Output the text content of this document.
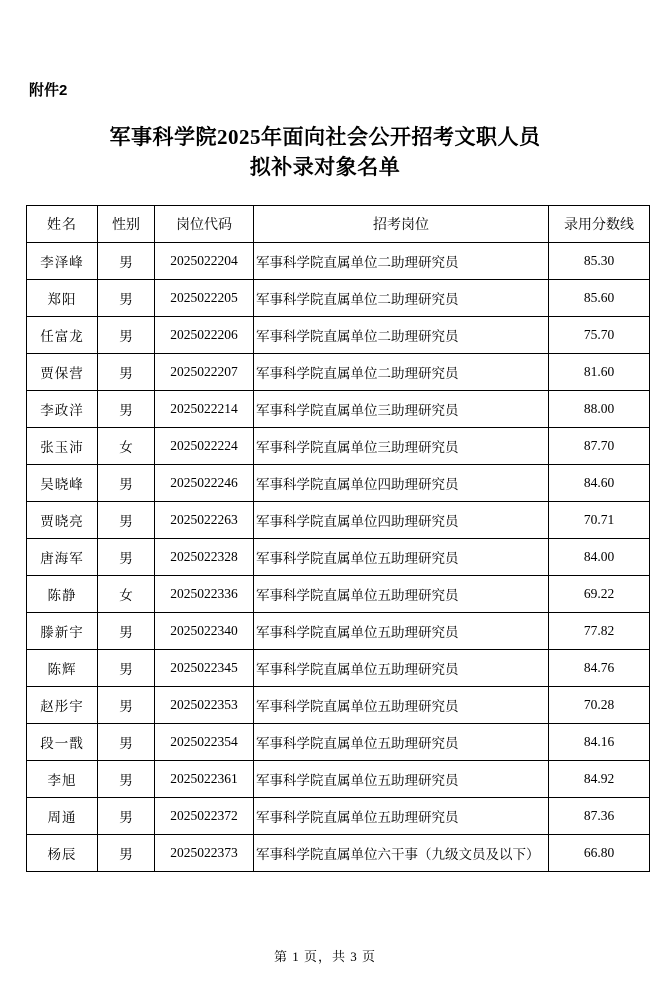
附件2
军事科学院2025年面向社会公开招考文职人员
拟补录对象名单
姓名	性别	岗位代码	招考岗位	录用分数线
李泽峰	男	2025022204	军事科学院直属单位二助理研究员	85.30
郑阳	男	2025022205	军事科学院直属单位二助理研究员	85.60
任富龙	男	2025022206	军事科学院直属单位二助理研究员	75.70
贾保营	男	2025022207	军事科学院直属单位二助理研究员	81.60
李政洋	男	2025022214	军事科学院直属单位三助理研究员	88.00
张玉沛	女	2025022224	军事科学院直属单位三助理研究员	87.70
吴晓峰	男	2025022246	军事科学院直属单位四助理研究员	84.60
贾晓亮	男	2025022263	军事科学院直属单位四助理研究员	70.71
唐海军	男	2025022328	军事科学院直属单位五助理研究员	84.00
陈静	女	2025022336	军事科学院直属单位五助理研究员	69.22
滕新宇	男	2025022340	军事科学院直属单位五助理研究员	77.82
陈辉	男	2025022345	军事科学院直属单位五助理研究员	84.76
赵彤宇	男	2025022353	军事科学院直属单位五助理研究员	70.28
段一戬	男	2025022354	军事科学院直属单位五助理研究员	84.16
李旭	男	2025022361	军事科学院直属单位五助理研究员	84.92
周通	男	2025022372	军事科学院直属单位五助理研究员	87.36
杨辰	男	2025022373	军事科学院直属单位六干事（九级文员及以下）	66.80
第 1 页，共 3 页
